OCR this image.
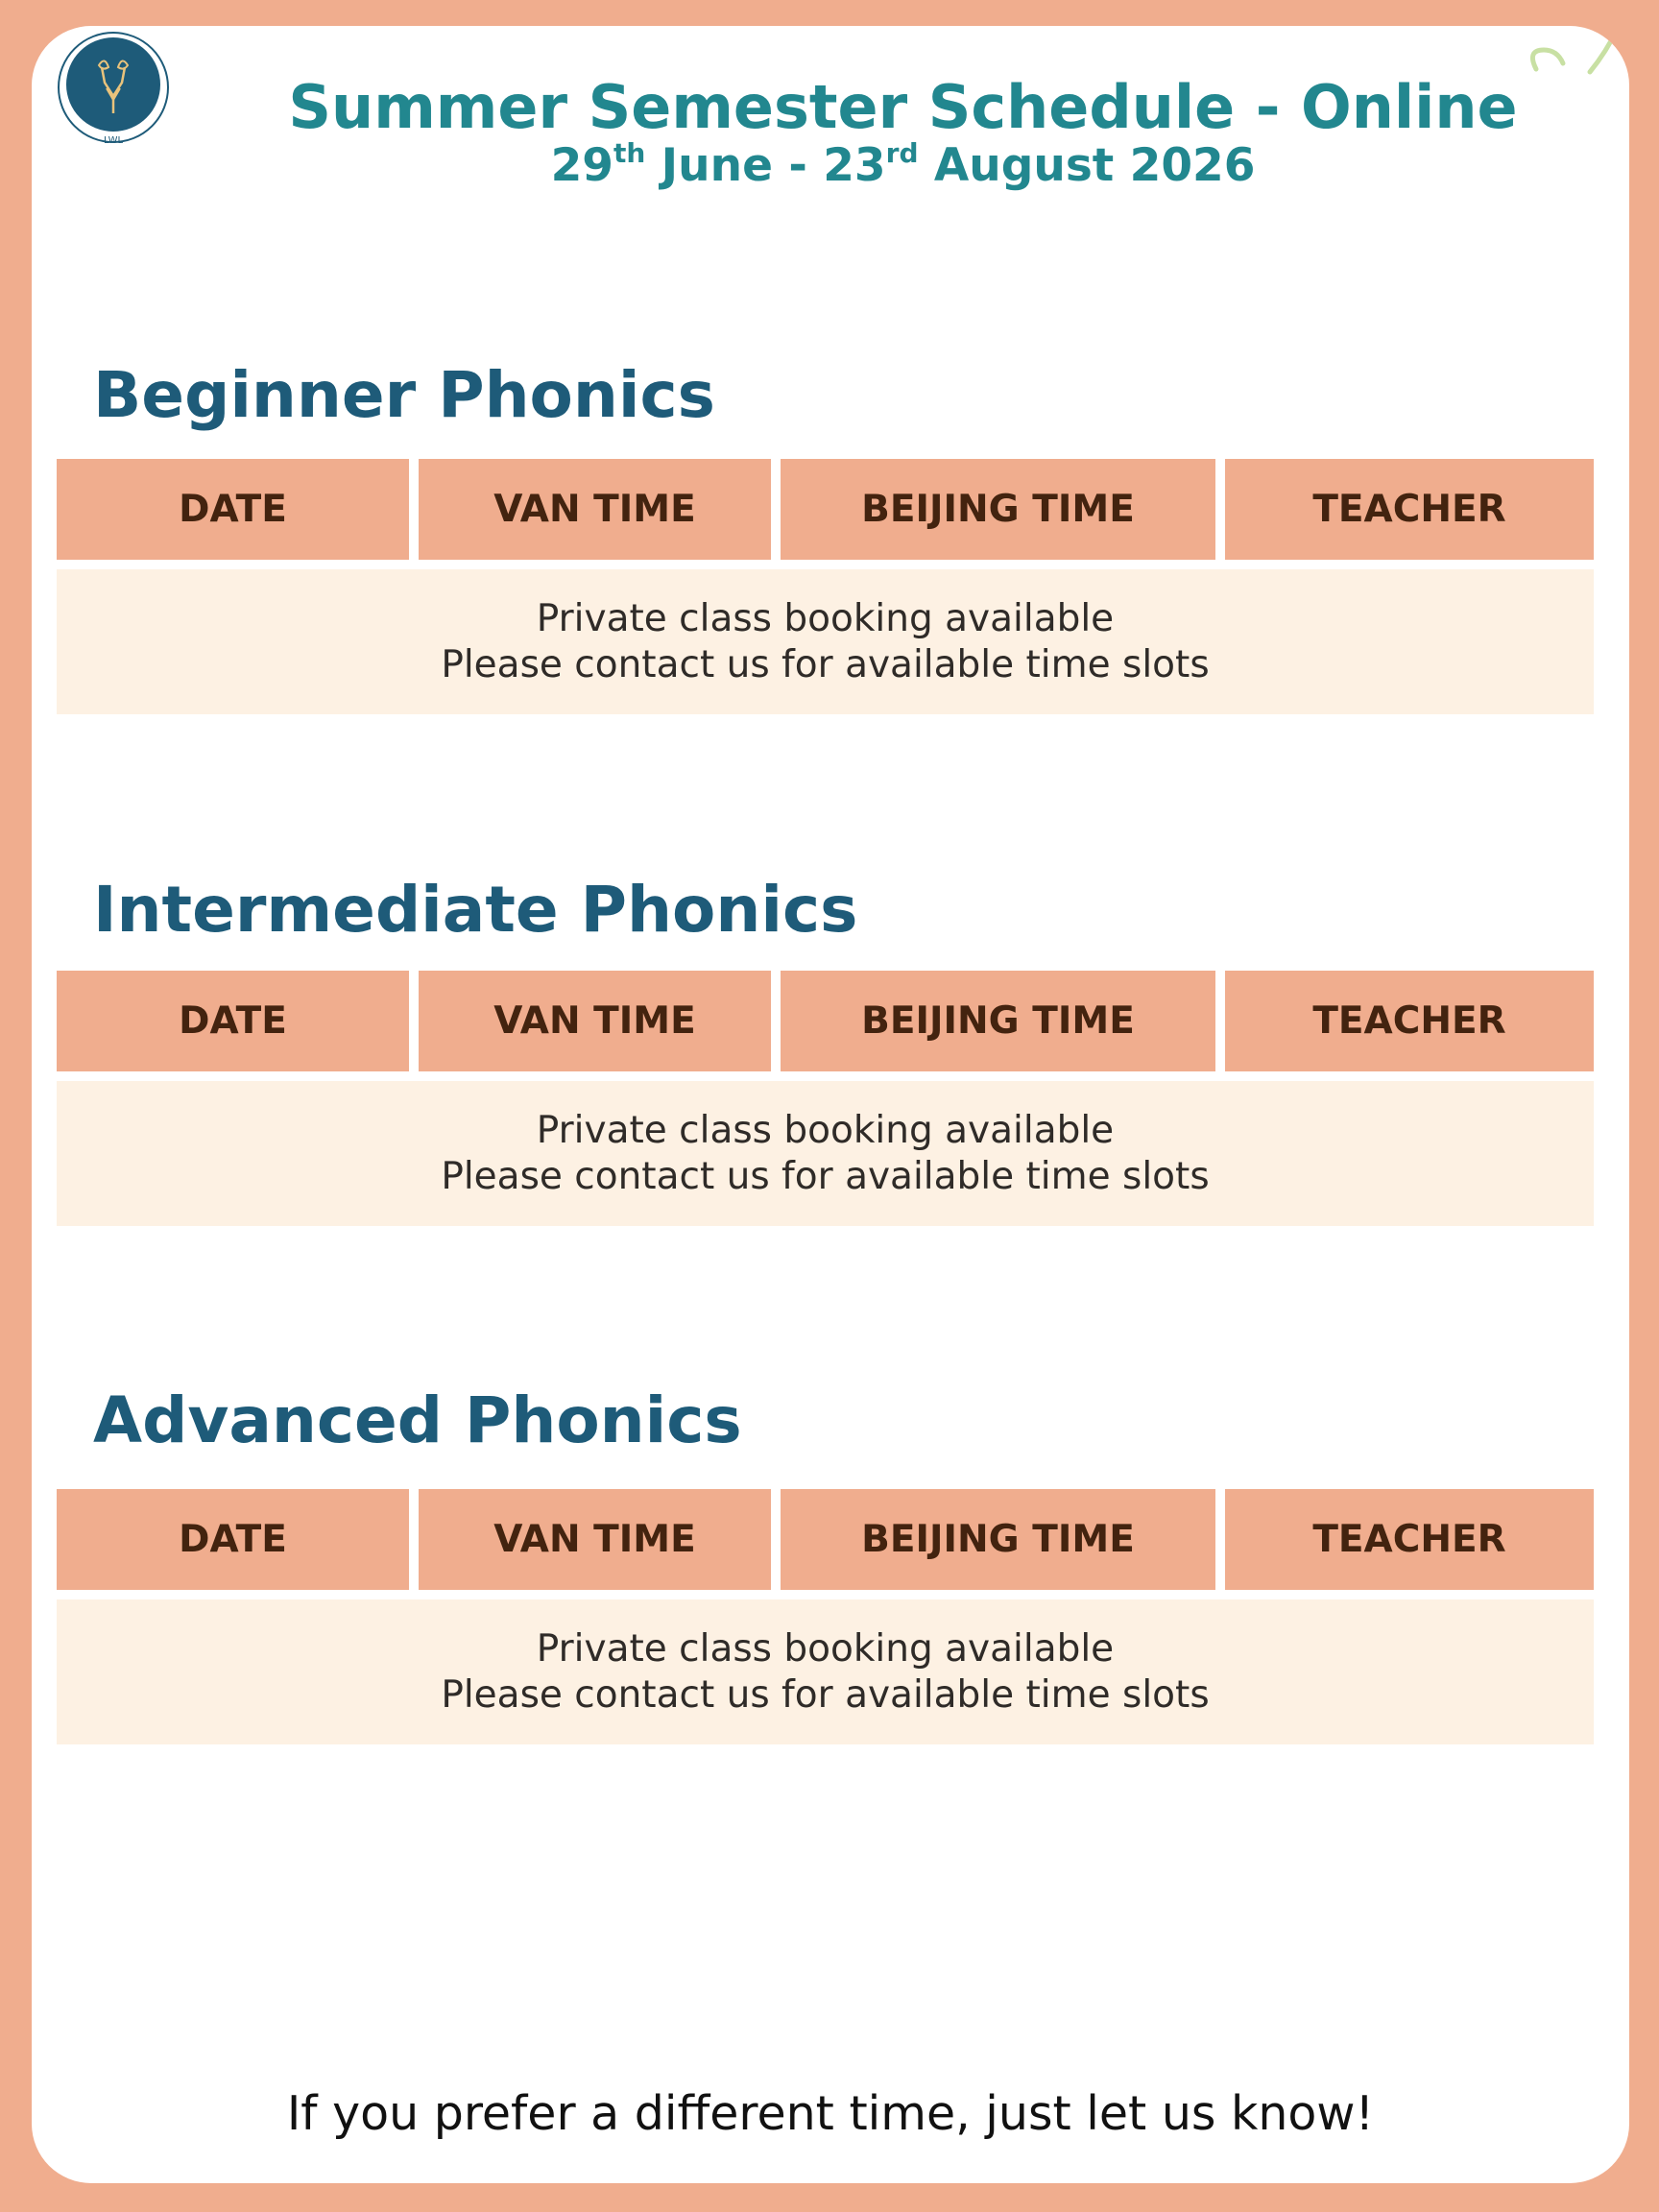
LWL	Summer Semester Schedule - Online
29th June - 23rd August 2026
Beginner Phonics
DATE	VAN TIME	BEIJING TIME	TEACHER
Private class booking available
Please contact us for available time slots
Intermediate Phonics
DATE	VAN TIME	BEIJING TIME	TEACHER
Private class booking available
Please contact us for available time slots
Advanced Phonics
DATE	VAN TIME	BEIJING TIME	TEACHER
Private class booking available
Please contact us for available time slots
If you prefer a different time, just let us know!
